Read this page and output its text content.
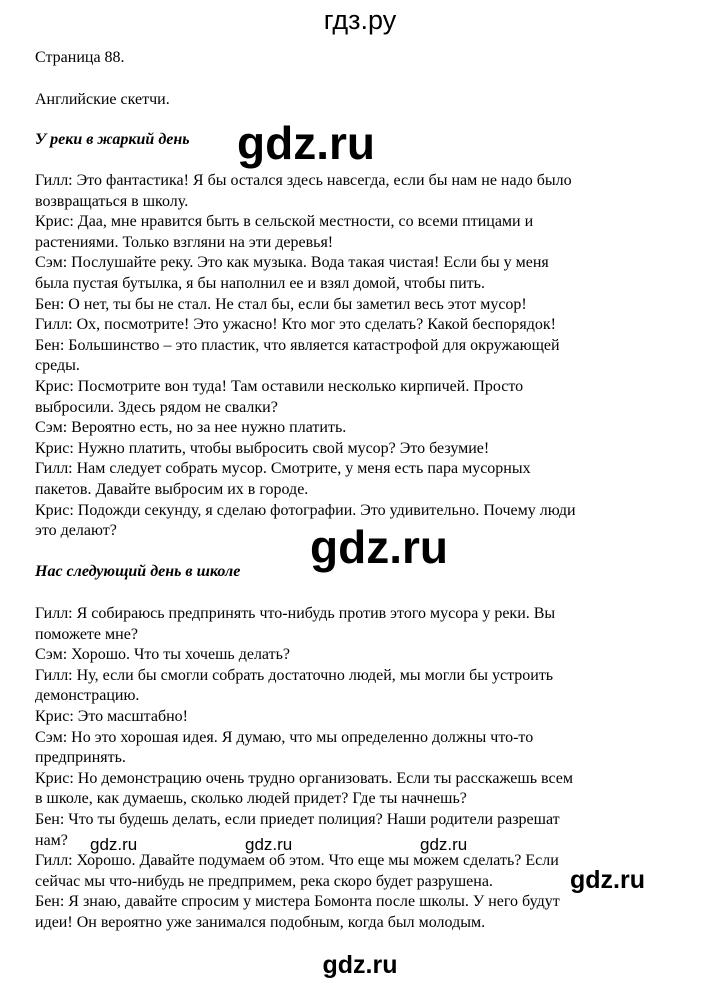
гдз.ру
Страница 88.
Английские скетчи.
У реки в жаркий день
Гилл: Это фантастика! Я бы остался здесь навсегда, если бы нам не надо было
возвращаться в школу.
Крис: Даа, мне нравится быть в сельской местности, со всеми птицами и
растениями. Только взгляни на эти деревья!
Сэм: Послушайте реку. Это как музыка. Вода такая чистая! Если бы у меня
была пустая бутылка, я бы наполнил ее и взял домой, чтобы пить.
Бен: О нет, ты бы не стал. Не стал бы, если бы заметил весь этот мусор!
Гилл: Ох, посмотрите! Это ужасно! Кто мог это сделать? Какой беспорядок!
Бен: Большинство – это пластик, что является катастрофой для окружающей
среды.
Крис: Посмотрите вон туда! Там оставили несколько кирпичей. Просто
выбросили. Здесь рядом не свалки?
Сэм: Вероятно есть, но за нее нужно платить.
Крис: Нужно платить, чтобы выбросить свой мусор? Это безумие!
Гилл: Нам следует собрать мусор. Смотрите, у меня есть пара мусорных
пакетов. Давайте выбросим их в городе.
Крис: Подожди секунду, я сделаю фотографии. Это удивительно. Почему люди
это делают?
Нас следующий день в школе
Гилл: Я собираюсь предпринять что-нибудь против этого мусора у реки. Вы
поможете мне?
Сэм: Хорошо. Что ты хочешь делать?
Гилл: Ну, если бы смогли собрать достаточно людей, мы могли бы устроить
демонстрацию.
Крис: Это масштабно!
Сэм: Но это хорошая идея. Я думаю, что мы определенно должны что-то
предпринять.
Крис: Но демонстрацию очень трудно организовать. Если ты расскажешь всем
в школе, как думаешь, сколько людей придет? Где ты начнешь?
Бен: Что ты будешь делать, если приедет полиция? Наши родители разрешат
нам?
Гилл: Хорошо. Давайте подумаем об этом. Что еще мы можем сделать? Если
сейчас мы что-нибудь не предпримем, река скоро будет разрушена.
Бен: Я знаю, давайте спросим у мистера Бомонта после школы. У него будут
идеи! Он вероятно уже занимался подобным, когда был молодым.
gdz.ru
gdz.ru
gdz.ru	gdz.ru	gdz.ru
gdz.ru
gdz.ru
